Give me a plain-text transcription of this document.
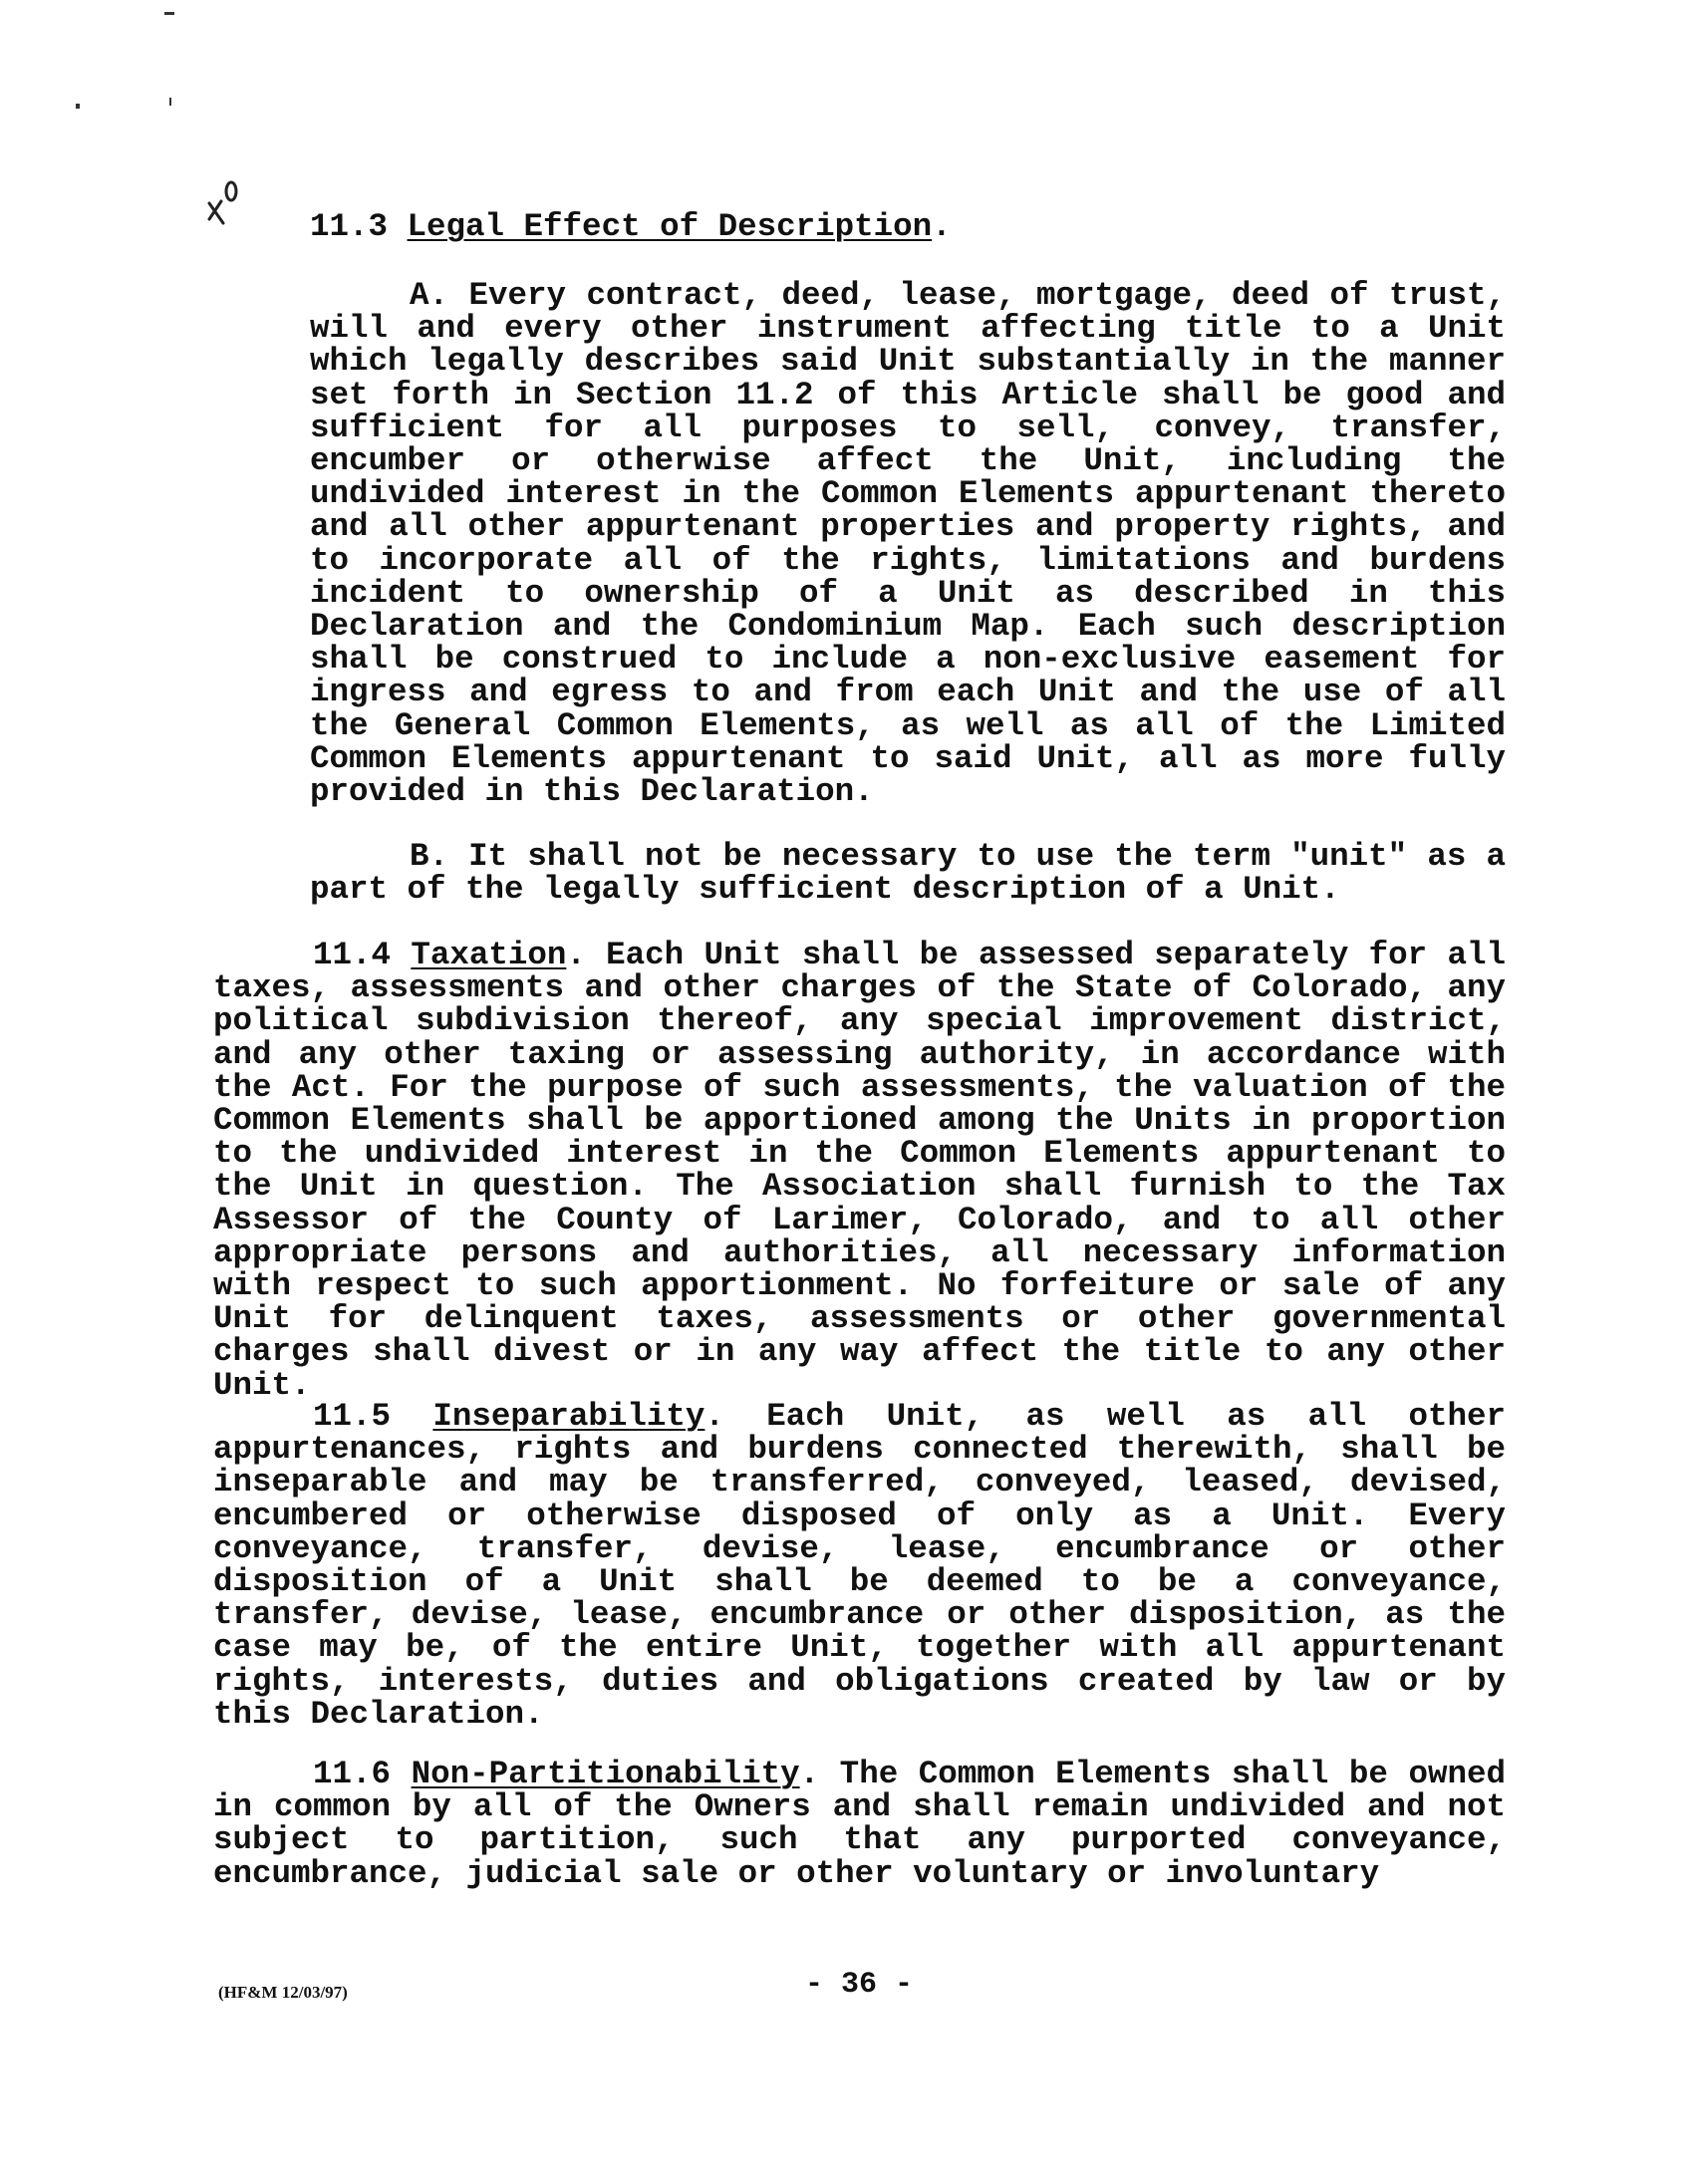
11.3 Legal Effect of Description.
A. Every contract, deed, lease, mortgage, deed of trust, will and every other instrument affecting title to a Unit which legally describes said Unit substantially in the manner set forth in Section 11.2 of this Article shall be good and sufficient for all purposes to sell, convey, transfer, encumber or otherwise affect the Unit, including the undivided interest in the Common Elements appurtenant thereto and all other appurtenant properties and property rights, and to incorporate all of the rights, limitations and burdens incident to ownership of a Unit as described in this Declaration and the Condominium Map. Each such description shall be construed to include a non-exclusive easement for ingress and egress to and from each Unit and the use of all the General Common Elements, as well as all of the Limited Common Elements appurtenant to said Unit, all as more fully provided in this Declaration.
B. It shall not be necessary to use the term "unit" as a part of the legally sufficient description of a Unit.
11.4 Taxation. Each Unit shall be assessed separately for all taxes, assessments and other charges of the State of Colorado, any political subdivision thereof, any special improvement district, and any other taxing or assessing authority, in accordance with the Act. For the purpose of such assessments, the valuation of the Common Elements shall be apportioned among the Units in proportion to the undivided interest in the Common Elements appurtenant to the Unit in question. The Association shall furnish to the Tax Assessor of the County of Larimer, Colorado, and to all other appropriate persons and authorities, all necessary information with respect to such apportionment. No forfeiture or sale of any Unit for delinquent taxes, assessments or other governmental charges shall divest or in any way affect the title to any other Unit.
11.5 Inseparability. Each Unit, as well as all other appurtenances, rights and burdens connected therewith, shall be inseparable and may be transferred, conveyed, leased, devised, encumbered or otherwise disposed of only as a Unit. Every conveyance, transfer, devise, lease, encumbrance or other disposition of a Unit shall be deemed to be a conveyance, transfer, devise, lease, encumbrance or other disposition, as the case may be, of the entire Unit, together with all appurtenant rights, interests, duties and obligations created by law or by this Declaration.
11.6 Non-Partitionability. The Common Elements shall be owned in common by all of the Owners and shall remain undivided and not subject to partition, such that any purported conveyance, encumbrance, judicial sale or other voluntary or involuntary
(HF&M 12/03/97)	- 36 -
